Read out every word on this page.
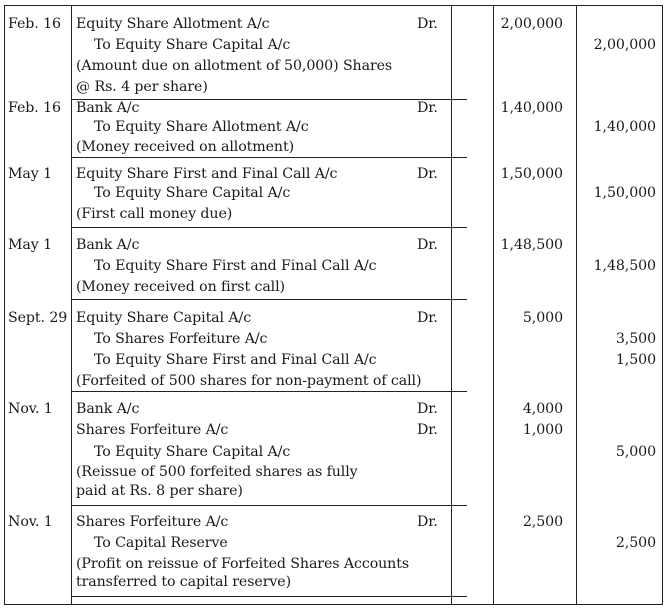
Feb. 16 Equity Share Allotment A/c	Dr.	2,00,000
To Equity Share Capital A/c	2,00,000
(Amount due on allotment of 50,000) Shares
@ Rs. 4 per share)
Feb. 16 Bank A/c	Dr.	1,40,000
To Equity Share Allotment A/c	1,40,000
(Money received on allotment)
May 1 Equity Share First and Final Call A/c	Dr.	1,50,000
To Equity Share Capital A/c	1,50,000
(First call money due)
May 1 Bank A/c	Dr.	1,48,500
To Equity Share First and Final Call A/c	1,48,500
(Money received on first call)
Sept. 29 Equity Share Capital A/c	Dr.	5,000
To Shares Forfeiture A/c	3,500
To Equity Share First and Final Call A/c	1,500
(Forfeited of 500 shares for non-payment of call)
Nov. 1 Bank A/c	Dr.	4,000
Shares Forfeiture A/c	Dr.	1,000
To Equity Share Capital A/c	5,000
(Reissue of 500 forfeited shares as fully
paid at Rs. 8 per share)
Nov. 1 Shares Forfeiture A/c	Dr.	2,500
To Capital Reserve	2,500
(Profit on reissue of Forfeited Shares Accounts
transferred to capital reserve)
